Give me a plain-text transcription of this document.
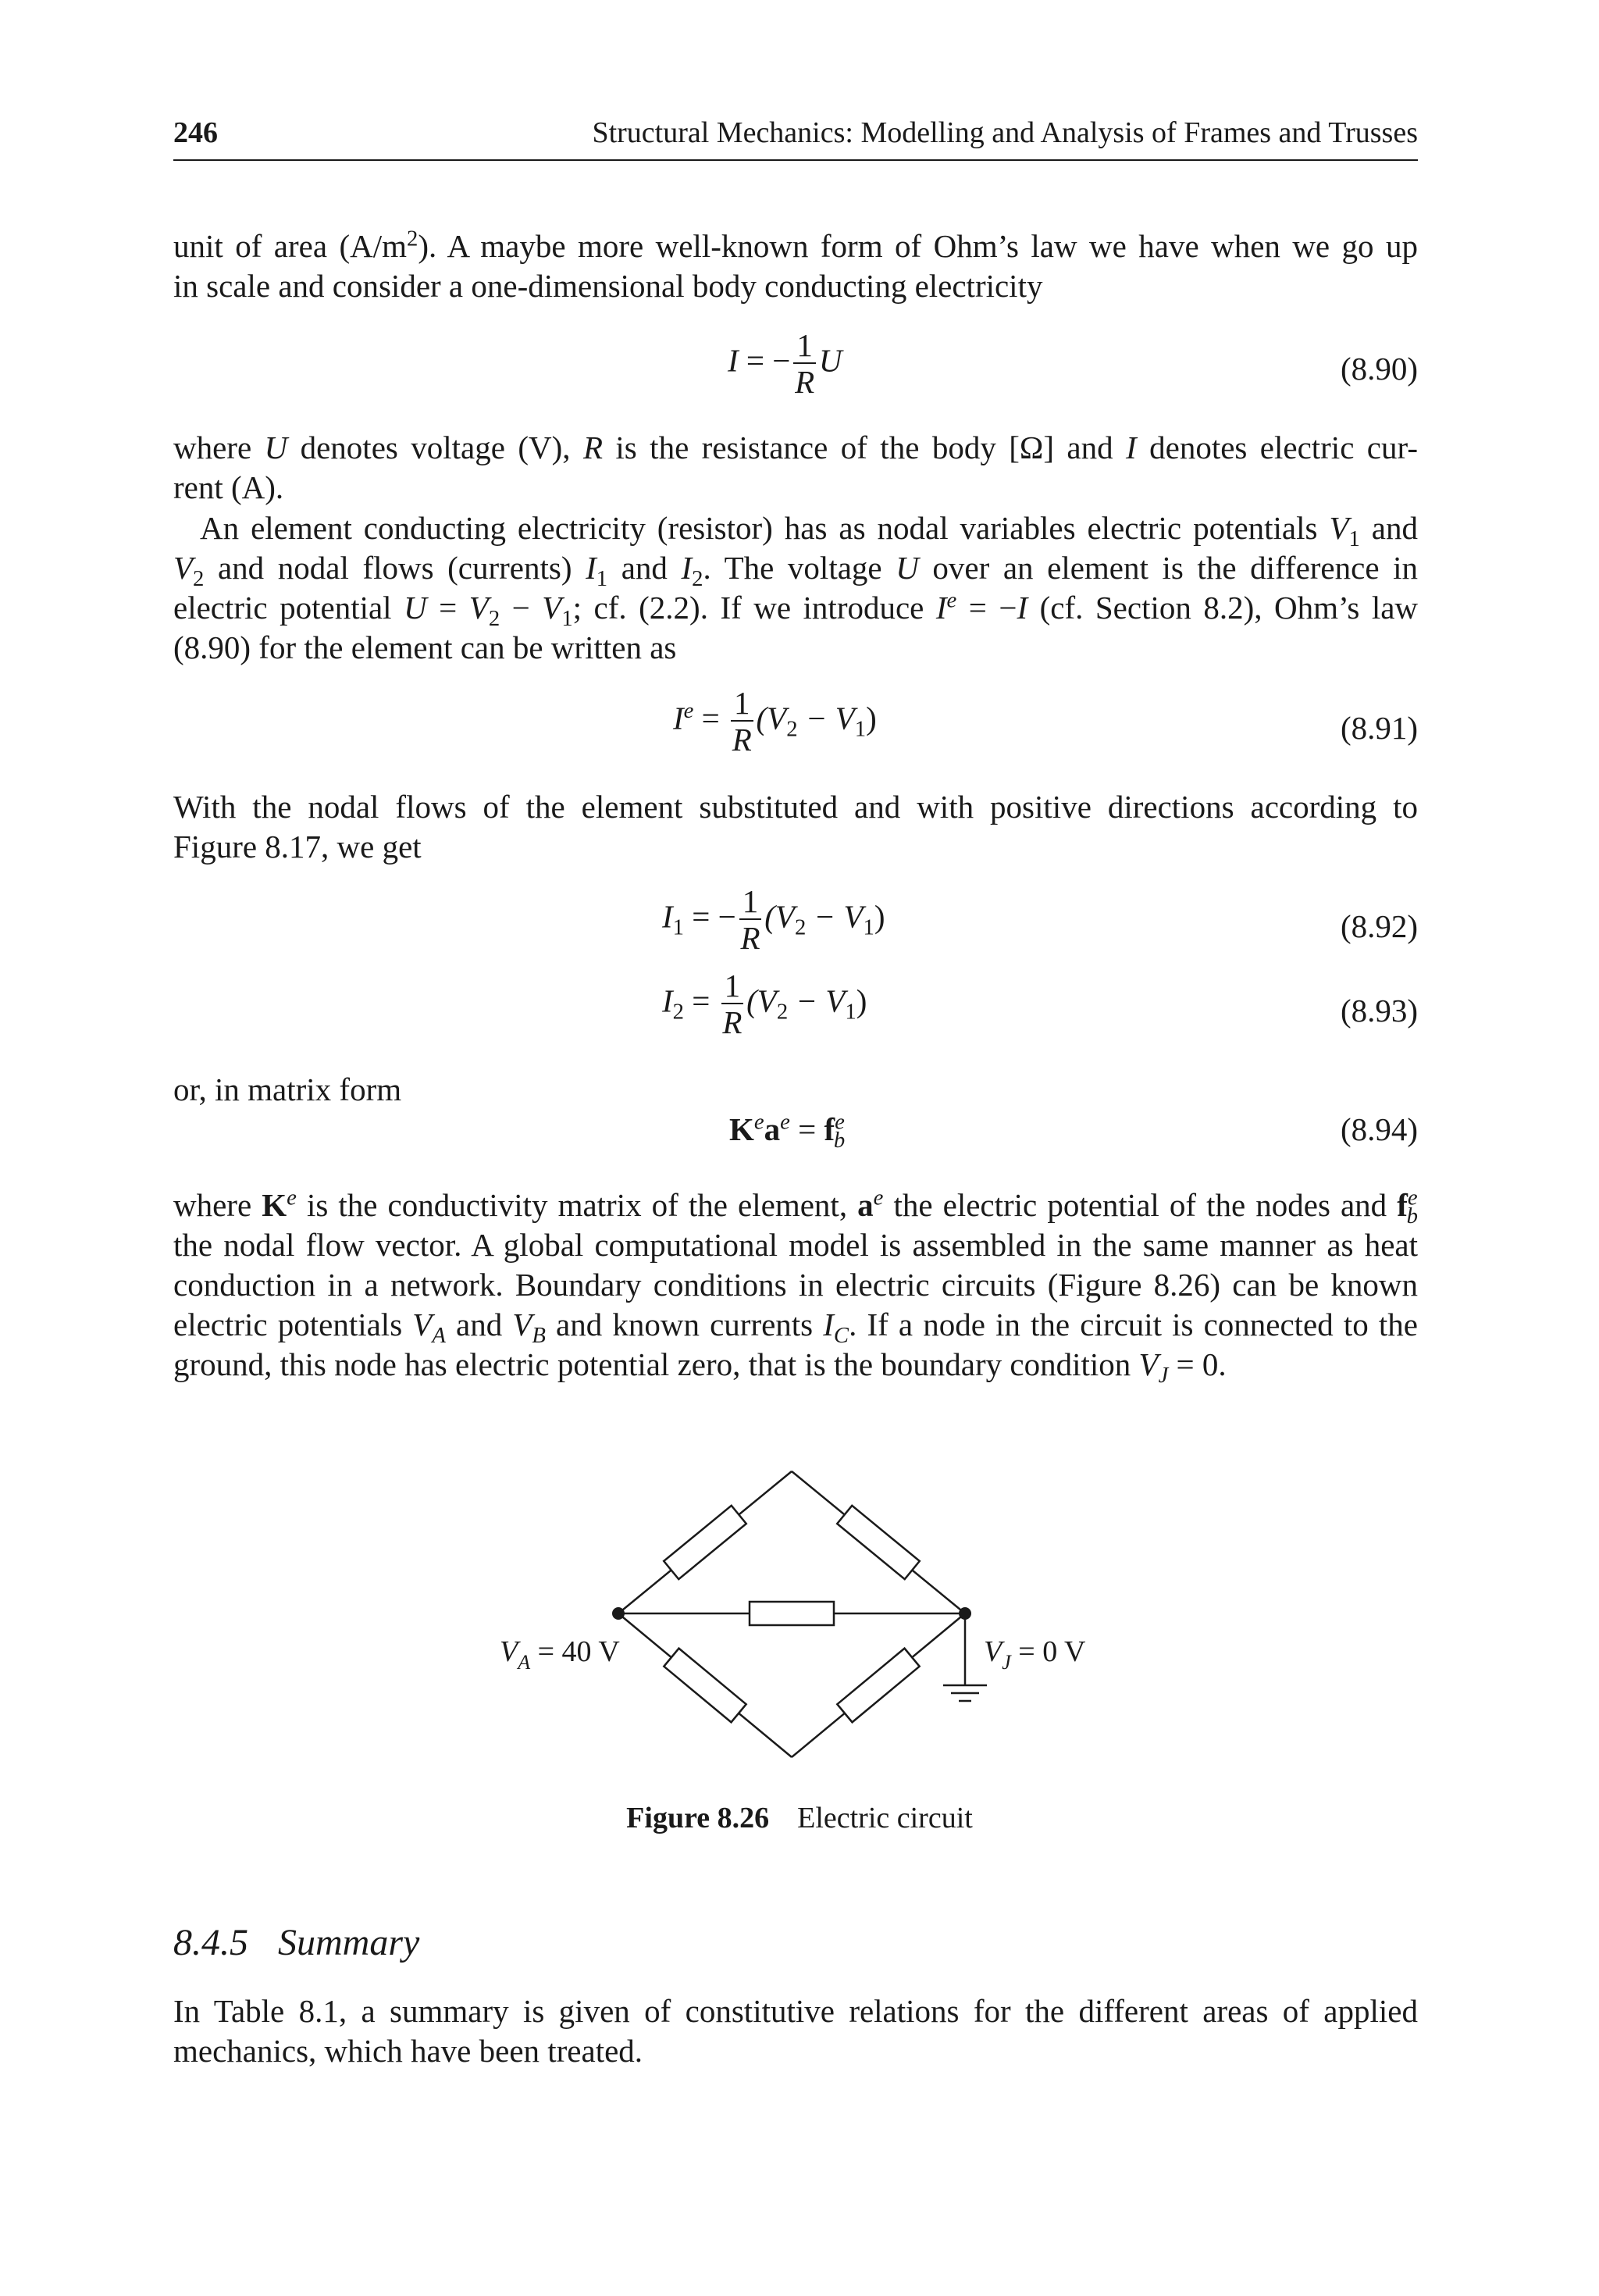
246	Structural Mechanics: Modelling and Analysis of Frames and Trusses
unit of area $(A/m^2)$. A maybe more well-known form of Ohm’s law we have when we go up
in scale and consider a one-dimensional body conducting electricity
I = − $\frac{1}{R}$ U	(8.90)
where U denotes voltage (V), R is the resistance of the body [Ω] and I denotes electric cur-
rent (A).
An element conducting electricity (resistor) has as nodal variables electric potentials $V_1$ and
$V_2$ and nodal flows (currents) $I_1$ and $I_2$. The voltage U over an element is the difference in
electric potential $U = V_2 - V_1$; cf. (2.2). If we introduce $I^e = -I$ (cf. Section 8.2), Ohm’s law
(8.90) for the element can be written as
$I^e = \frac{1}{R} (V_2 - V_1)$	(8.91)
With the nodal flows of the element substituted and with positive directions according to
Figure 8.17, we get
$I_1$ = − $\frac{1}{R} (V_2 - V_1)$	(8.92)
$I_2 = \frac{1}{R} (V_2 - V_1)$	(8.93)
or, in matrix form
$K^ea^e = f^e_b$	(8.94)
where $K^e$ is the conductivity matrix of the element, $a^e$ the electric potential of the nodes and $f^e_b$
the nodal flow vector. A global computational model is assembled in the same manner as heat
conduction in a network. Boundary conditions in electric circuits (Figure 8.26) can be known
electric potentials $V_A$ and $V_B$ and known currents $I_C$. If a node in the circuit is connected to the
ground, this node has electric potential zero, that is the boundary condition $V_J = 0$.
$V_A = 40$ V	$V_J = 0$ V
Figure 8.26 Electric circuit
8.4.5 Summary
In Table 8.1, a summary is given of constitutive relations for the different areas of applied
mechanics, which have been treated.
